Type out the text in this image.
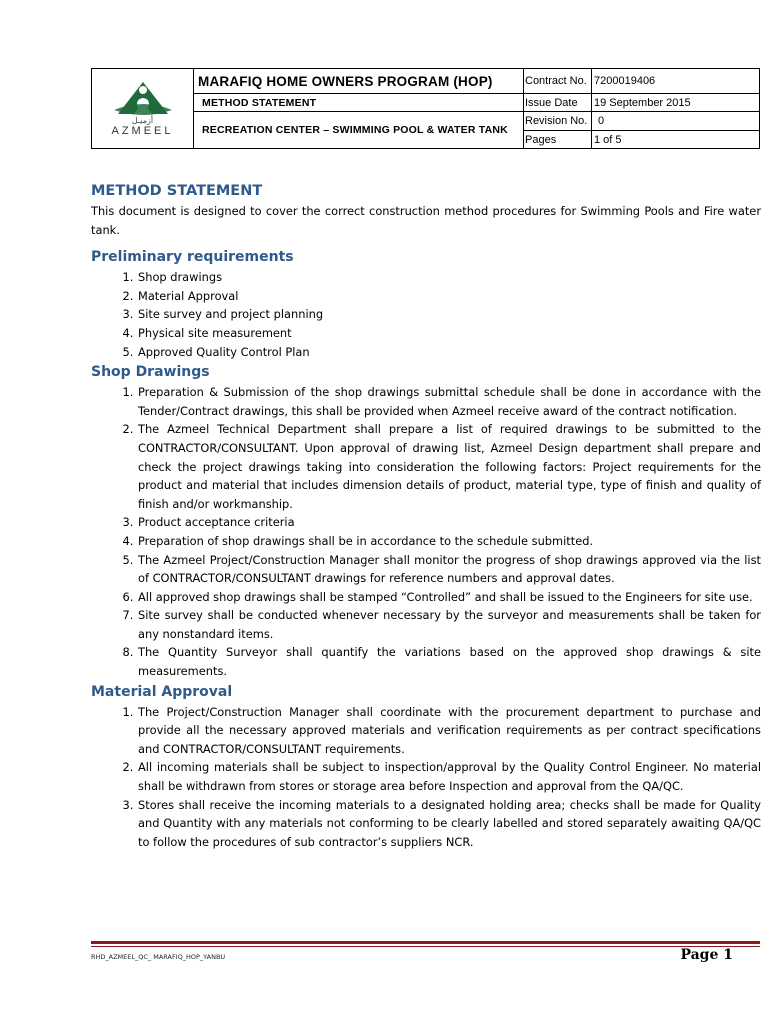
أزميـل
AZMEEL	MARAFIQ HOME OWNERS PROGRAM (HOP)	Contract No.	7200019406
	METHOD STATEMENT	Issue Date	19 September 2015
	RECREATION CENTER – SWIMMING POOL & WATER TANK	Revision No.	0
		Pages	1 of 5
METHOD STATEMENT

This document is designed to cover the correct construction method procedures for Swimming Pools and Fire water tank.

Preliminary requirements
1. Shop drawings
2. Material Approval
3. Site survey and project planning
4. Physical site measurement
5. Approved Quality Control Plan
Shop Drawings
1. Preparation & Submission of the shop drawings submittal schedule shall be done in accordance with the Tender/Contract drawings, this shall be provided when Azmeel receive award of the contract notification.
2. The Azmeel Technical Department shall prepare a list of required drawings to be submitted to the CONTRACTOR/CONSULTANT. Upon approval of drawing list, Azmeel Design department shall prepare and check the project drawings taking into consideration the following factors: Project requirements for the product and material that includes dimension details of product, material type, type of finish and quality of finish and/or workmanship.
3. Product acceptance criteria
4. Preparation of shop drawings shall be in accordance to the schedule submitted.
5. The Azmeel Project/Construction Manager shall monitor the progress of shop drawings approved via the list of CONTRACTOR/CONSULTANT drawings for reference numbers and approval dates.
6. All approved shop drawings shall be stamped “Controlled” and shall be issued to the Engineers for site use.
7. Site survey shall be conducted whenever necessary by the surveyor and measurements shall be taken for any nonstandard items.
8. The Quantity Surveyor shall quantify the variations based on the approved shop drawings & site measurements.
Material Approval
1. The Project/Construction Manager shall coordinate with the procurement department to purchase and provide all the necessary approved materials and verification requirements as per contract specifications and CONTRACTOR/CONSULTANT requirements.
2. All incoming materials shall be subject to inspection/approval by the Quality Control Engineer. No material shall be withdrawn from stores or storage area before Inspection and approval from the QA/QC.
3. Stores shall receive the incoming materials to a designated holding area; checks shall be made for Quality and Quantity with any materials not conforming to be clearly labelled and stored separately awaiting QA/QC to follow the procedures of sub contractor’s suppliers NCR.
RHD_AZMEEL_QC_ MARAFIQ_HOP_YANBU	Page 1
